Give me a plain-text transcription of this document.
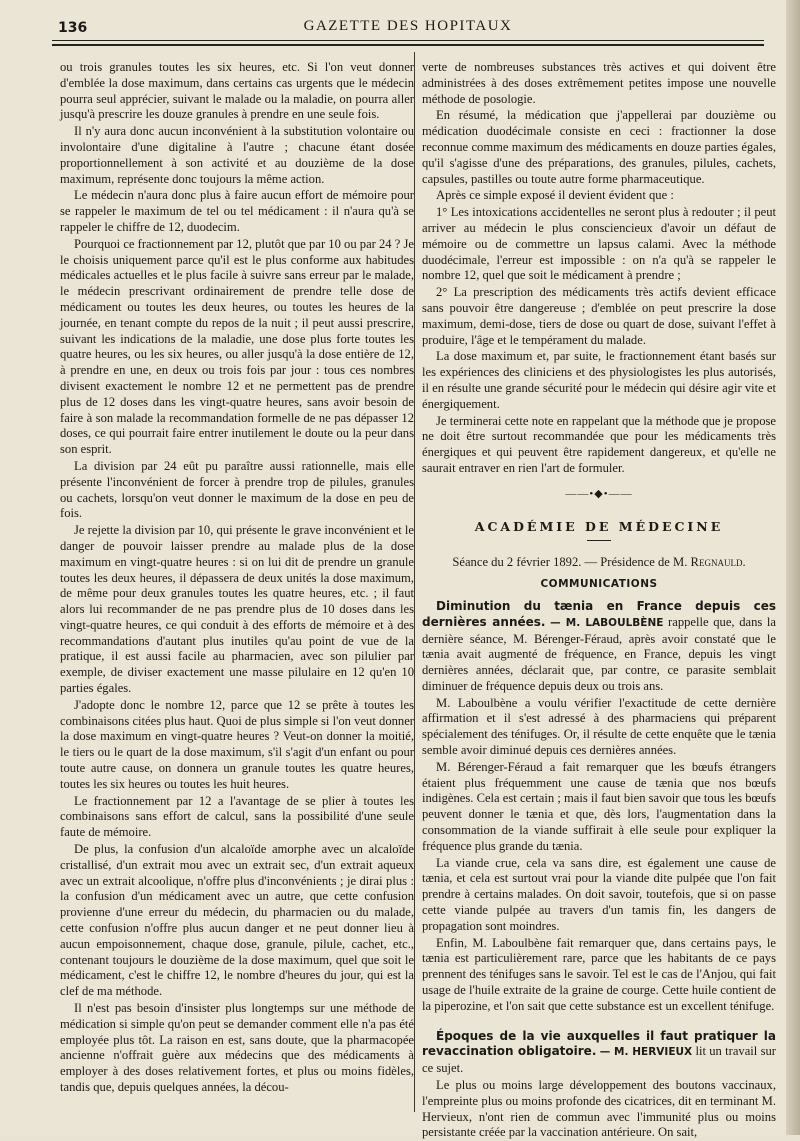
136	GAZETTE DES HOPITAUX

ou trois granules toutes les six heures, etc. Si l'on veut donner d'emblée la dose maximum, dans certains cas urgents que le médecin pourra seul apprécier, suivant le malade ou la maladie, on pourra aller jusqu'à prescrire les douze granules à prendre en une seule fois.

Il n'y aura donc aucun inconvénient à la substitution volontaire ou involontaire d'une digitaline à l'autre ; chacune étant dosée proportionnellement à son activité et au douzième de la dose maximum, représente donc toujours la même action.

Le médecin n'aura donc plus à faire aucun effort de mémoire pour se rappeler le maximum de tel ou tel médicament : il n'aura qu'à se rappeler le chiffre de 12, duodecim.

Pourquoi ce fractionnement par 12, plutôt que par 10 ou par 24 ? Je le choisis uniquement parce qu'il est le plus conforme aux habitudes médicales actuelles et le plus facile à suivre sans erreur par le malade, le médecin prescrivant ordinairement de prendre telle dose de médicament ou toutes les deux heures, ou toutes les heures de la journée, en tenant compte du repos de la nuit ; il peut aussi prescrire, suivant les indications de la maladie, une dose plus forte toutes les quatre heures, ou les six heures, ou aller jusqu'à la dose entière de 12, à prendre en une, en deux ou trois fois par jour : tous ces nombres divisent exactement le nombre 12 et ne permettent pas de prendre plus de 12 doses dans les vingt-quatre heures, sans avoir besoin de faire à son malade la recommandation formelle de ne pas dépasser 12 doses, ce qui pourrait faire entrer inutilement le doute ou la peur dans son esprit.

La division par 24 eût pu paraître aussi rationnelle, mais elle présente l'inconvénient de forcer à prendre trop de pilules, granules ou cachets, lorsqu'on veut donner le maximum de la dose en peu de fois.

Je rejette la division par 10, qui présente le grave inconvénient et le danger de pouvoir laisser prendre au malade plus de la dose maximum en vingt-quatre heures : si on lui dit de prendre un granule toutes les deux heures, il dépassera de deux unités la dose maximum, de même pour deux granules toutes les quatre heures, etc. ; il faut alors lui recommander de ne pas prendre plus de 10 doses dans les vingt-quatre heures, ce qui conduit à des efforts de mémoire et à des recommandations d'autant plus inutiles qu'au point de vue de la pratique, il est aussi facile au pharmacien, avec son pilulier par exemple, de diviser exactement une masse pilulaire en 12 qu'en 10 parties égales.

J'adopte donc le nombre 12, parce que 12 se prête à toutes les combinaisons citées plus haut. Quoi de plus simple si l'on veut donner la dose maximum en vingt-quatre heures ? Veut-on donner la moitié, le tiers ou le quart de la dose maximum, s'il s'agit d'un enfant ou pour toute autre cause, on donnera un granule toutes les quatre heures, toutes les six heures ou toutes les huit heures.

Le fractionnement par 12 a l'avantage de se plier à toutes les combinaisons sans effort de calcul, sans la possibilité d'une seule faute de mémoire.

De plus, la confusion d'un alcaloïde amorphe avec un alcaloïde cristallisé, d'un extrait mou avec un extrait sec, d'un extrait aqueux avec un extrait alcoolique, n'offre plus d'inconvénients ; je dirai plus : la confusion d'un médicament avec un autre, que cette confusion provienne d'une erreur du médecin, du pharmacien ou du malade, cette confusion n'offre plus aucun danger et ne peut donner lieu à aucun empoisonnement, chaque dose, granule, pilule, cachet, etc., contenant toujours le douzième de la dose maximum, quel que soit le médicament, c'est le chiffre 12, le nombre d'heures du jour, qui est la clef de ma méthode.

Il n'est pas besoin d'insister plus longtemps sur une méthode de médication si simple qu'on peut se demander comment elle n'a pas été employée plus tôt. La raison en est, sans doute, que la pharmacopée ancienne n'offrait guère aux médecins que des médicaments à employer à des doses relativement fortes, et plus ou moins fidèles, tandis que, depuis quelques années, la décou-

verte de nombreuses substances très actives et qui doivent être administrées à des doses extrêmement petites impose une nouvelle méthode de posologie.

En résumé, la médication que j'appellerai par douzième ou médication duodécimale consiste en ceci : fractionner la dose reconnue comme maximum des médicaments en douze parties égales, qu'il s'agisse d'une des préparations, des granules, pilules, cachets, capsules, pastilles ou toute autre forme pharmaceutique.

Après ce simple exposé il devient évident que :

1° Les intoxications accidentelles ne seront plus à redouter ; il peut arriver au médecin le plus consciencieux d'avoir un défaut de mémoire ou de commettre un lapsus calami. Avec la méthode duodécimale, l'erreur est impossible : on n'a qu'à se rappeler le nombre 12, quel que soit le médicament à prendre ;

2° La prescription des médicaments très actifs devient efficace sans pouvoir être dangereuse ; d'emblée on peut prescrire la dose maximum, demi-dose, tiers de dose ou quart de dose, suivant l'effet à produire, l'âge et le tempérament du malade.

La dose maximum et, par suite, le fractionnement étant basés sur les expériences des cliniciens et des physiologistes les plus autorisés, il en résulte une grande sécurité pour le médecin qui désire agir vite et énergiquement.

Je terminerai cette note en rappelant que la méthode que je propose ne doit être surtout recommandée que pour les médicaments très énergiques et qui peuvent être rapidement dangereux, et qu'elle ne saurait entraver en rien l'art de formuler.

——•◆•——
ACADÉMIE DE MÉDECINE
Séance du 2 février 1892. — Présidence de M. Regnauld.
COMMUNICATIONS

Diminution du tænia en France depuis ces dernières années. — M. LABOULBÈNE rappelle que, dans la dernière séance, M. Bérenger-Féraud, après avoir constaté que le tænia avait augmenté de fréquence, en France, depuis les vingt dernières années, déclarait que, par contre, ce parasite semblait diminuer de fréquence depuis deux ou trois ans.

M. Laboulbène a voulu vérifier l'exactitude de cette dernière affirmation et il s'est adressé à des pharmaciens qui préparent spécialement des ténifuges. Or, il résulte de cette enquête que le tænia semble avoir diminué depuis ces dernières années.

M. Bérenger-Féraud a fait remarquer que les bœufs étrangers étaient plus fréquemment une cause de tænia que nos bœufs indigènes. Cela est certain ; mais il faut bien savoir que tous les bœufs peuvent donner le tænia et que, dès lors, l'augmentation dans la consommation de la viande suffirait à elle seule pour expliquer la fréquence plus grande du tænia.

La viande crue, cela va sans dire, est également une cause de tænia, et cela est surtout vrai pour la viande dite pulpée que l'on fait prendre à certains malades. On doit savoir, toutefois, que si on passe cette viande pulpée au travers d'un tamis fin, les dangers de propagation sont moindres.

Enfin, M. Laboulbène fait remarquer que, dans certains pays, le tænia est particulièrement rare, parce que les habitants de ce pays prennent des ténifuges sans le savoir. Tel est le cas de l'Anjou, qui fait usage de l'huile extraite de la graine de courge. Cette huile contient de la piperozine, et l'on sait que cette substance est un excellent ténifuge.

Époques de la vie auxquelles il faut pratiquer la revaccination obligatoire. — M. HERVIEUX lit un travail sur ce sujet.

Le plus ou moins large développement des boutons vaccinaux, l'empreinte plus ou moins profonde des cicatrices, dit en terminant M. Hervieux, n'ont rien de commun avec l'immunité plus ou moins persistante créée par la vaccination antérieure. On sait,
